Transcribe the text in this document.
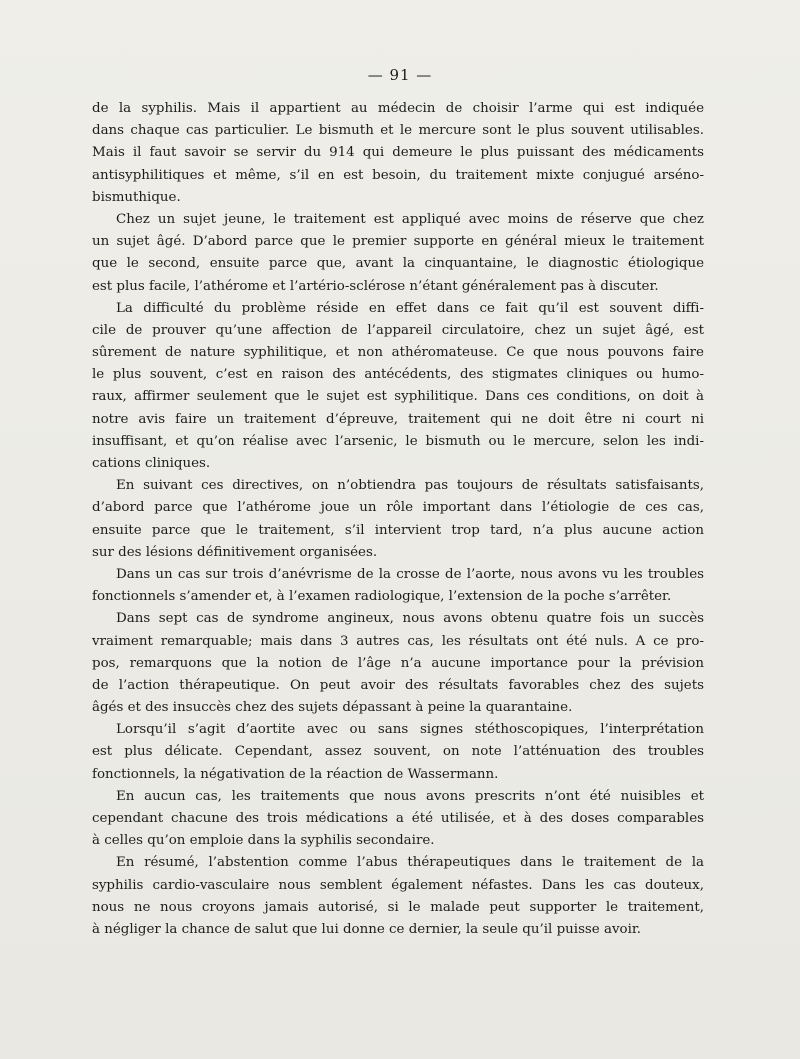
— 91 —
de la syphilis. Mais il appartient au médecin de choisir l’arme qui est indiquée
dans chaque cas particulier. Le bismuth et le mercure sont le plus souvent utilisables.
Mais il faut savoir se servir du 914 qui demeure le plus puissant des médicaments
antisyphilitiques et même, s’il en est besoin, du traitement mixte conjugué arséno-
bismuthique.
Chez un sujet jeune, le traitement est appliqué avec moins de réserve que chez
un sujet âgé. D’abord parce que le premier supporte en général mieux le traitement
que le second, ensuite parce que, avant la cinquantaine, le diagnostic étiologique
est plus facile, l’athérome et l’artério-sclérose n’étant généralement pas à discuter.
La difficulté du problème réside en effet dans ce fait qu’il est souvent diffi-
cile de prouver qu’une affection de l’appareil circulatoire, chez un sujet âgé, est
sûrement de nature syphilitique, et non athéromateuse. Ce que nous pouvons faire
le plus souvent, c’est en raison des antécédents, des stigmates cliniques ou humo-
raux, affirmer seulement que le sujet est syphilitique. Dans ces conditions, on doit à
notre avis faire un traitement d’épreuve, traitement qui ne doit être ni court ni
insuffisant, et qu’on réalise avec l’arsenic, le bismuth ou le mercure, selon les indi-
cations cliniques.
En suivant ces directives, on n’obtiendra pas toujours de résultats satisfaisants,
d’abord parce que l’athérome joue un rôle important dans l’étiologie de ces cas,
ensuite parce que le traitement, s’il intervient trop tard, n’a plus aucune action
sur des lésions définitivement organisées.
Dans un cas sur trois d’anévrisme de la crosse de l’aorte, nous avons vu les troubles
fonctionnels s’amender et, à l’examen radiologique, l’extension de la poche s’arrêter.
Dans sept cas de syndrome angineux, nous avons obtenu quatre fois un succès
vraiment remarquable; mais dans 3 autres cas, les résultats ont été nuls. A ce pro-
pos, remarquons que la notion de l’âge n’a aucune importance pour la prévision
de l’action thérapeutique. On peut avoir des résultats favorables chez des sujets
âgés et des insuccès chez des sujets dépassant à peine la quarantaine.
Lorsqu’il s’agit d’aortite avec ou sans signes stéthoscopiques, l’interprétation
est plus délicate. Cependant, assez souvent, on note l’atténuation des troubles
fonctionnels, la négativation de la réaction de Wassermann.
En aucun cas, les traitements que nous avons prescrits n’ont été nuisibles et
cependant chacune des trois médications a été utilisée, et à des doses comparables
à celles qu’on emploie dans la syphilis secondaire.
En résumé, l’abstention comme l’abus thérapeutiques dans le traitement de la
syphilis cardio-vasculaire nous semblent également néfastes. Dans les cas douteux,
nous ne nous croyons jamais autorisé, si le malade peut supporter le traitement,
à négliger la chance de salut que lui donne ce dernier, la seule qu’il puisse avoir.
